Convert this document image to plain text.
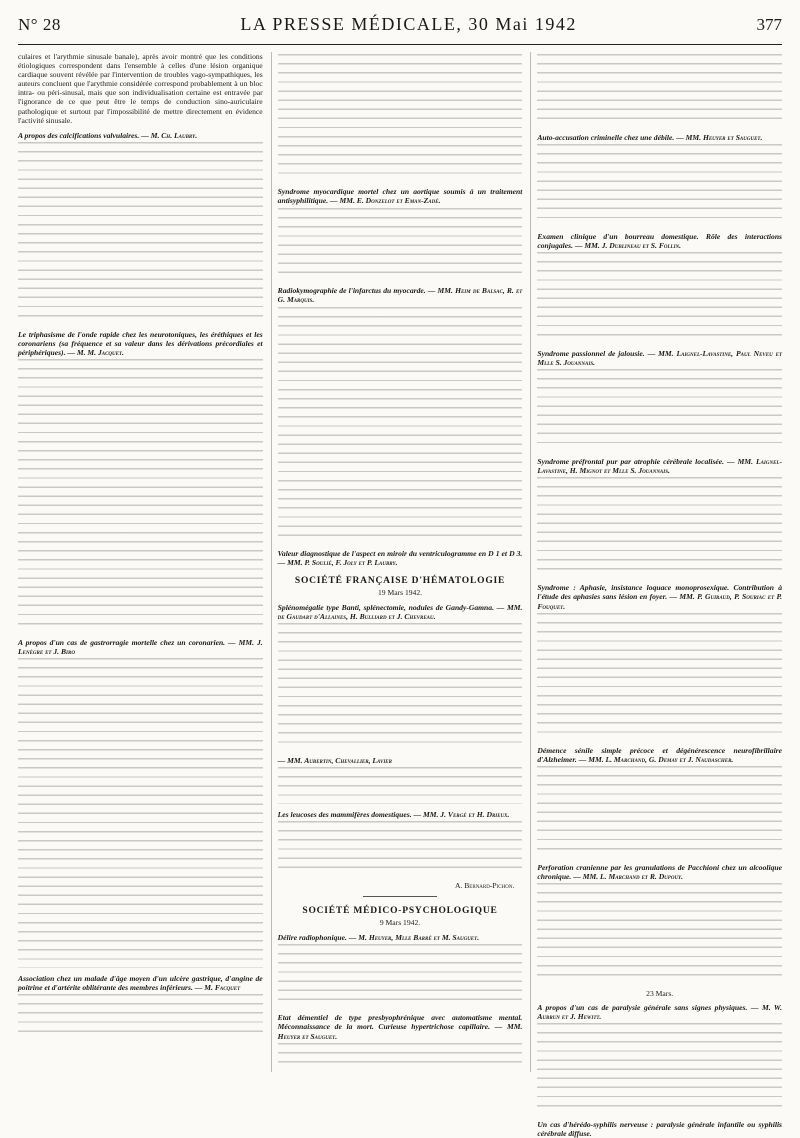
N° 28	LA PRESSE MÉDICALE, 30 Mai 1942	377
culaires et l'arythmie sinusale banale), après avoir montré que les conditions étiologiques correspondent dans l'ensemble à celles d'une lésion organique cardiaque souvent révélée par l'intervention de troubles vago-sympathiques, les auteurs concluent que l'arythmie considérée correspond probablement à un bloc intra- ou péri-sinusal, mais que son individualisation certaine est entravée par l'ignorance de ce que peut être le temps de conduction sino-auriculaire pathologique et surtout par l'impossibilité de mettre directement en évidence l'activité sinusale.
A propos des calcifications valvulaires. — M. Ch. Laubry.
Le triphasisme de l'onde rapide chez les neurotoniques, les éréthiques et les coronariens (sa fréquence et sa valeur dans les dérivations précordiales et périphériques). — M. M. Jacquet.
A propos d'un cas de gastrorragie mortelle chez un coronarien. — MM. J. Lenègre et J. Biro
Association chez un malade d'âge moyen d'un ulcère gastrique, d'angine de poitrine et d'artérite oblitérante des membres inférieurs. — M. Facquet
Syndrome myocardique mortel chez un aortique soumis à un traitement antisyphilitique. — MM. E. Donzelot et Eman-Zadé.
Radiokymographie de l'infarctus du myocarde. — MM. Heim de Balsac, R. et G. Marquis.
Valeur diagnostique de l'aspect en miroir du ventriculogramme en D 1 et D 3. — MM. P. Soulié, F. Joly et P. Laubry.
SOCIÉTÉ FRANÇAISE D'HÉMATOLOGIE
19 Mars 1942.
Splénomégalie type Banti, splénectomie, nodules de Gandy-Gamna. — MM. de Gaudart d'Allaines, H. Bulliard et J. Chevreau.
— MM. Aubertin, Chevallier, Lavier
Les leucoses des mammifères domestiques. — MM. J. Vergé et H. Drieux.
A. Bernard-Pichon.
SOCIÉTÉ MÉDICO-PSYCHOLOGIQUE
9 Mars 1942.
Délire radiophonique. — M. Heuyer, Mlle Barré et M. Sauguet.
Etat démentiel de type presbyophrénique avec automatisme mental. Méconnaissance de la mort. Curieuse hypertrichose capillaire. — MM. Heuyer et Sauguet.
Auto-accusation criminelle chez une débile. — MM. Heuyer et Sauguet.
Examen clinique d'un bourreau domestique. Rôle des interactions conjugales. — MM. J. Dublineau et S. Follin.
Syndrome passionnel de jalousie. — MM. Laignel-Lavastine, Paul Neveu et Mlle S. Jouannais.
Syndrome préfrontal pur par atrophie cérébrale localisée. — MM. Laignel-Lavastine, H. Mignot et Mlle S. Jouannais.
Syndrome : Aphasie, insistance loquace monoprosexique. Contribution à l'étude des aphasies sans lésion en foyer. — MM. P. Guiraud, P. Souriac et P. Fouquet.
Démence sénile simple précoce et dégénérescence neurofibrillaire d'Alzheimer. — MM. L. Marchand, G. Demay et J. Naudascher.
Perforation cranienne par les granulations de Pacchioni chez un alcoolique chronique. — MM. L. Marchand et R. Dupouy.
23 Mars.
A propos d'un cas de paralysie générale sans signes physiques. — M. W. Aubrun et J. Hewitt.
Un cas d'hérédo-syphilis nerveuse : paralysie générale infantile ou syphilis cérébrale diffuse.
